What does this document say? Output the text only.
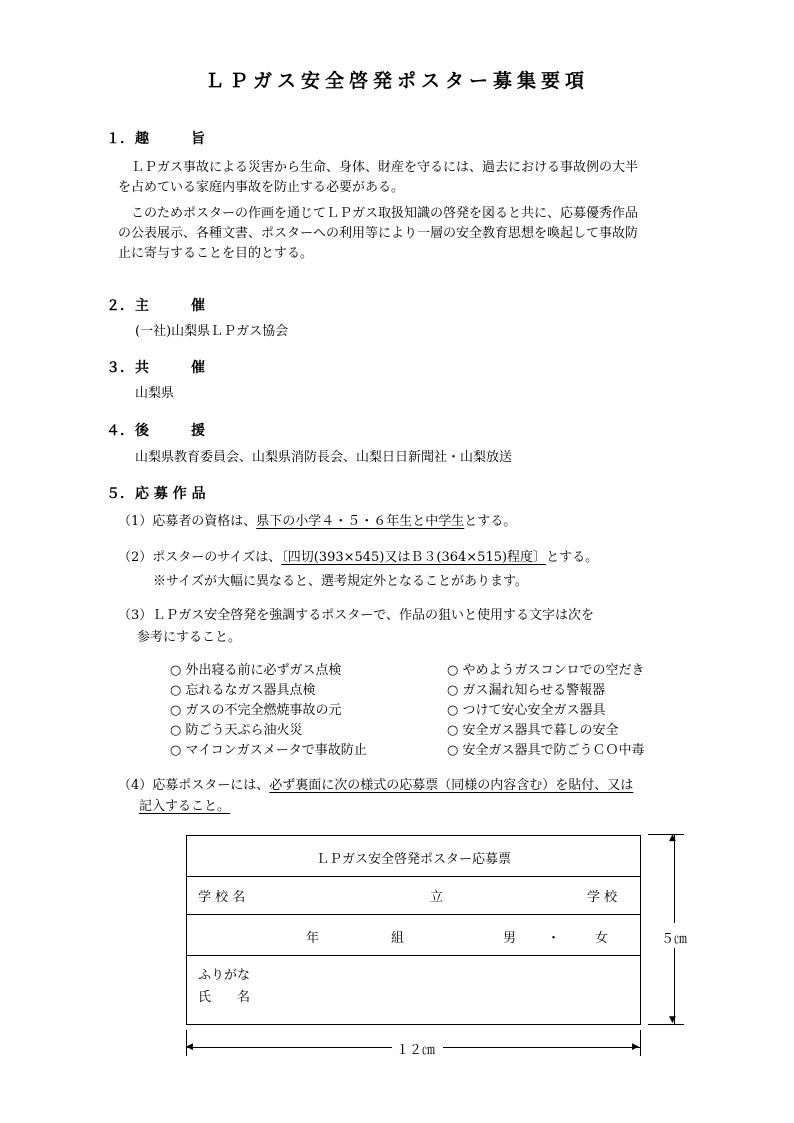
ＬＰガス安全啓発ポスター募集要項
１． 趣　　　旨
　ＬＰガス事故による災害から生命、身体、財産を守るには、過去における事故例の大半
を占めている家庭内事故を防止する必要がある。
　このためポスターの作画を通じてＬＰガス取扱知識の啓発を図ると共に、応募優秀作品
の公表展示、各種文書、ポスターへの利用等により一層の安全教育思想を喚起して事故防
止に寄与することを目的とする。
２． 主　　　催
(一社)山梨県ＬＰガス協会
３． 共　　　催
山梨県
４． 後　　　援
山梨県教育委員会、山梨県消防長会、山梨日日新聞社・山梨放送
５． 応 募 作 品
（1）応募者の資格は、県下の小学４・５・６年生と中学生とする。
（2）ポスターのサイズは、〔四切(393×545)又はＢ３(364×515)程度〕とする。
※サイズが大幅に異なると、選考規定外となることがあります。
（3）ＬＰガス安全啓発を強調するポスターで、作品の狙いと使用する文字は次を
参考にすること。
○ 外出寝る前に必ずガス点検
○ 忘れるなガス器具点検
○ ガスの不完全燃焼事故の元
○ 防ごう天ぷら油火災
○ マイコンガスメータで事故防止
○ やめようガスコンロでの空だき
○ ガス漏れ知らせる警報器
○ つけて安心安全ガス器具
○ 安全ガス器具で暮しの安全
○ 安全ガス器具で防ごうＣＯ中毒
（4）応募ポスターには、必ず裏面に次の様式の応募票（同様の内容含む）を貼付、又は
記入すること。
ＬＰガス安全啓発ポスター応募票
学 校 名	立	学 校
年	組	男 ・	女
ふりがな
氏　　名
▲
▼
５㎝
◀	▶
１２㎝
